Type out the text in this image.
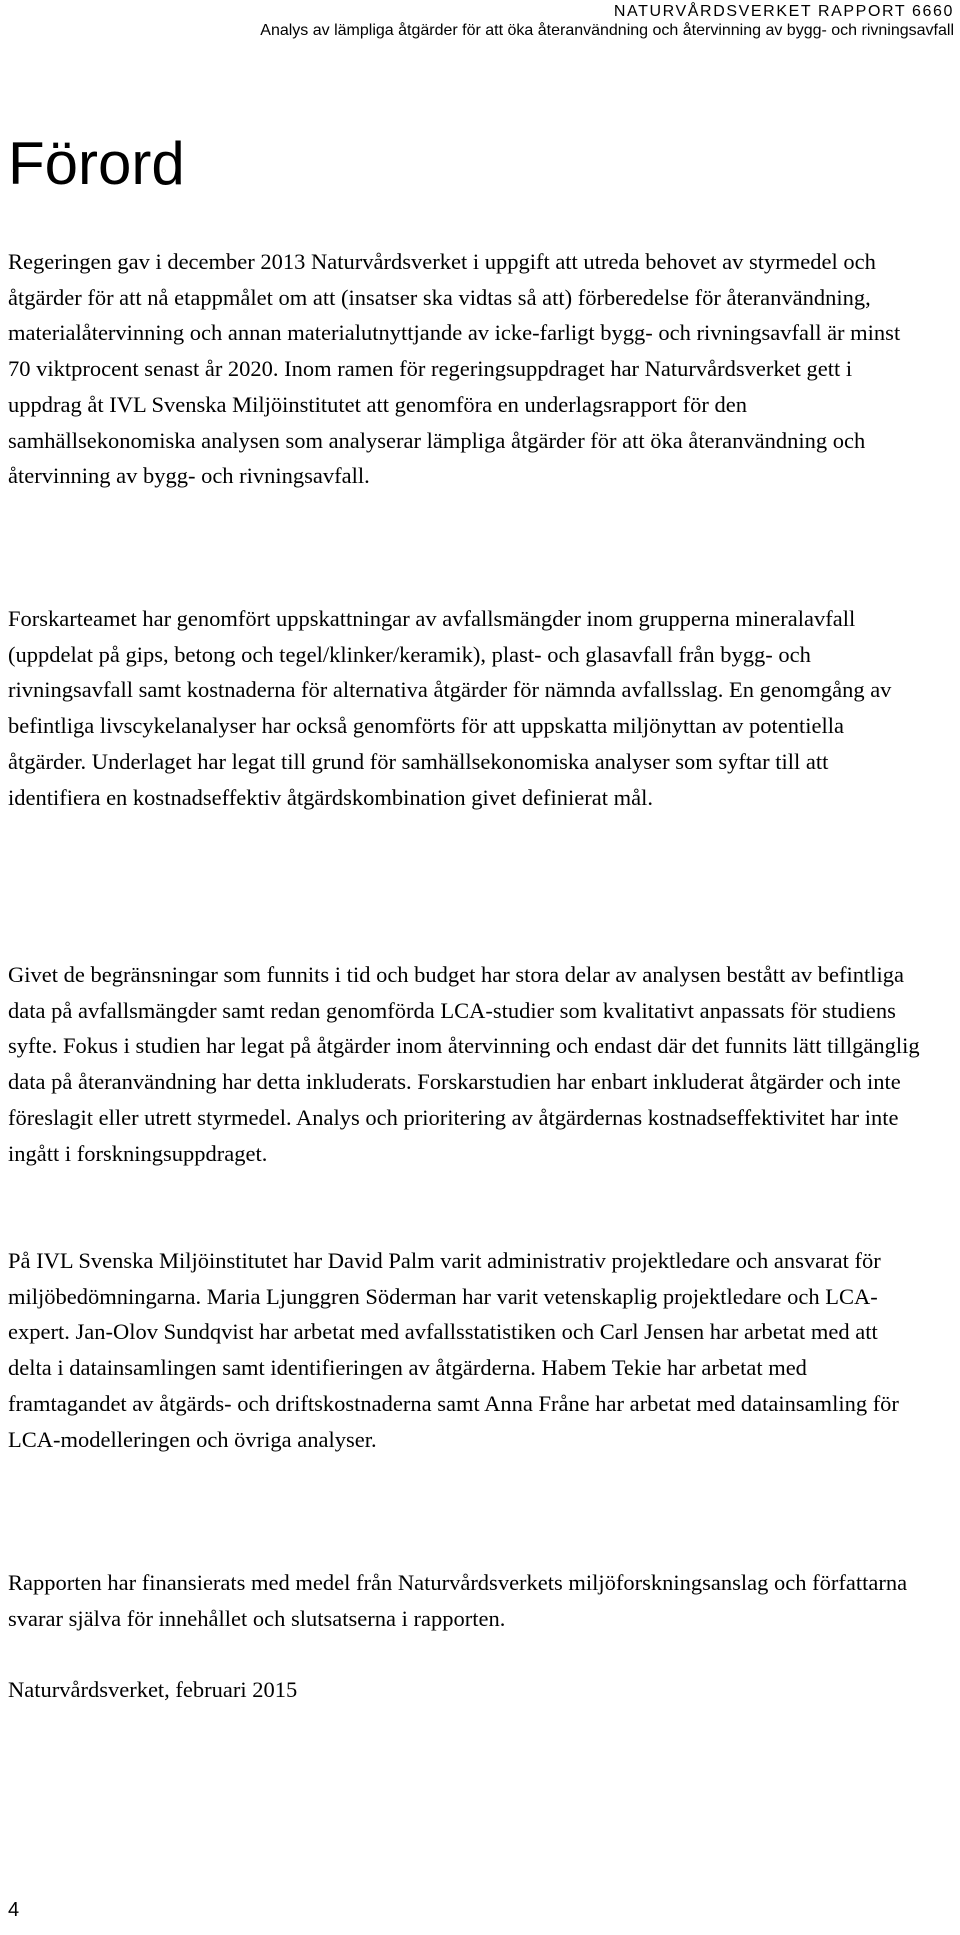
NATURVÅRDSVERKET RAPPORT 6660

Analys av lämpliga åtgärder för att öka återanvändning och återvinning av bygg- och rivningsavfall

Förord

Regeringen gav i december 2013 Naturvårdsverket i uppgift att utreda behovet av styrmedel och åtgärder för att nå etappmålet om att (insatser ska vidtas så att) förberedelse för återanvändning, materialåtervinning och annan materialutnyttjande av icke-farligt bygg- och rivningsavfall är minst 70 viktprocent senast år 2020. Inom ramen för regeringsuppdraget har Naturvårdsverket gett i uppdrag åt IVL Svenska Miljöinstitutet att genomföra en underlagsrapport för den samhällsekonomiska analysen som analyserar lämpliga åtgärder för att öka återanvändning och återvinning av bygg- och rivningsavfall.

Forskarteamet har genomfört uppskattningar av avfallsmängder inom grupperna mineralavfall (uppdelat på gips, betong och tegel/klinker/keramik), plast- och glasavfall från bygg- och rivningsavfall samt kostnaderna för alternativa åtgärder för nämnda avfallsslag. En genomgång av befintliga livscykelanalyser har också genomförts för att uppskatta miljönyttan av potentiella åtgärder. Underlaget har legat till grund för samhällsekonomiska analyser som syftar till att identifiera en kostnadseffektiv åtgärdskombination givet definierat mål.

Givet de begränsningar som funnits i tid och budget har stora delar av analysen bestått av befintliga data på avfallsmängder samt redan genomförda LCA-studier som kvalitativt anpassats för studiens syfte. Fokus i studien har legat på åtgärder inom återvinning och endast där det funnits lätt tillgänglig data på återanvändning har detta inkluderats. Forskarstudien har enbart inkluderat åtgärder och inte föreslagit eller utrett styrmedel. Analys och prioritering av åtgärdernas kostnadseffektivitet har inte ingått i forskningsuppdraget.

På IVL Svenska Miljöinstitutet har David Palm varit administrativ projektledare och ansvarat för miljöbedömningarna. Maria Ljunggren Söderman har varit vetenskaplig projektledare och LCA-expert. Jan-Olov Sundqvist har arbetat med avfallsstatistiken och Carl Jensen har arbetat med att delta i datainsamlingen samt identifieringen av åtgärderna. Habem Tekie har arbetat med framtagandet av åtgärds- och driftskostnaderna samt Anna Fråne har arbetat med datainsamling för LCA-modelleringen och övriga analyser.

Rapporten har finansierats med medel från Naturvårdsverkets miljöforskningsanslag och författarna svarar själva för innehållet och slutsatserna i rapporten.

Naturvårdsverket, februari 2015

4
